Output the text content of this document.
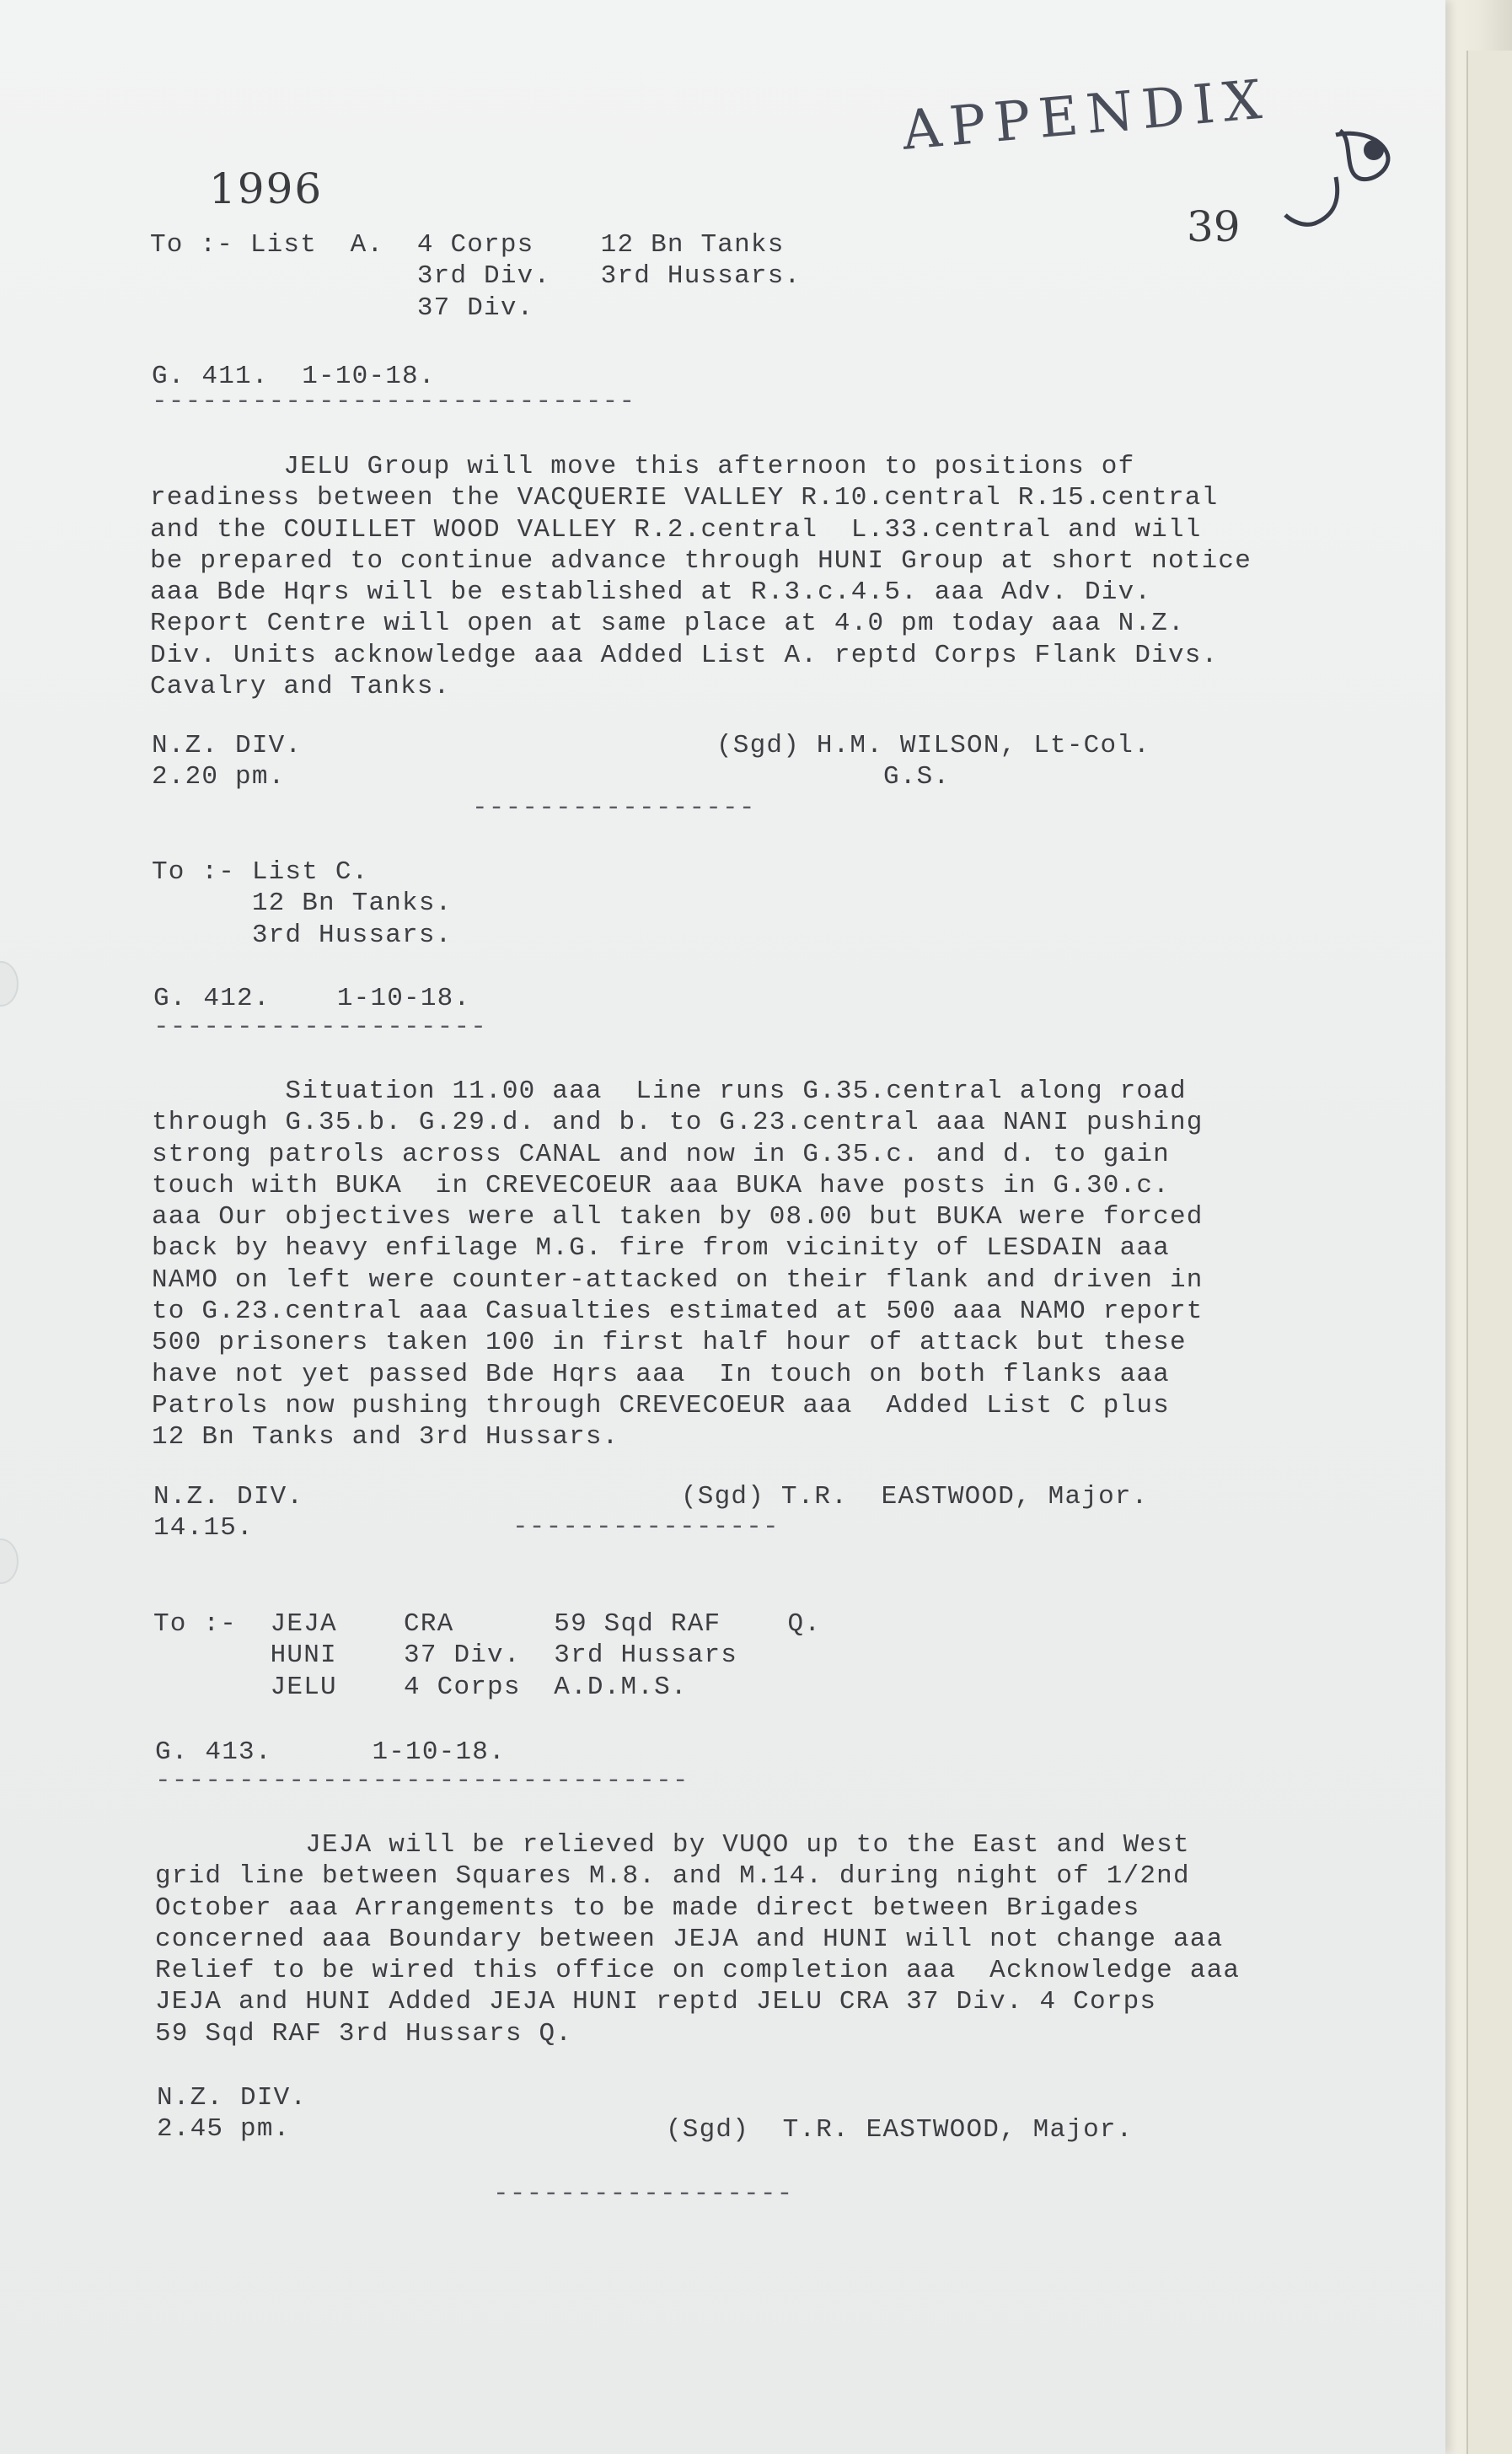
APPENDIX
1996
39
To :- List  A.  4 Corps    12 Bn Tanks
3rd Div.   3rd Hussars.
37 Div.
G. 411.  1-10-18.
-----------------------------
JELU Group will move this afternoon to positions of
readiness between the VACQUERIE VALLEY R.10.central R.15.central
and the COUILLET WOOD VALLEY R.2.central  L.33.central and will
be prepared to continue advance through HUNI Group at short notice
aaa Bde Hqrs will be established at R.3.c.4.5. aaa Adv. Div.
Report Centre will open at same place at 4.0 pm today aaa N.Z.
Div. Units acknowledge aaa Added List A. reptd Corps Flank Divs.
Cavalry and Tanks.
N.Z. DIV.
2.20 pm.
(Sgd) H.M. WILSON, Lt-Col.
G.S.
-----------------
To :- List C.
12 Bn Tanks.
3rd Hussars.
G. 412.    1-10-18.
--------------------
Situation 11.00 aaa  Line runs G.35.central along road
through G.35.b. G.29.d. and b. to G.23.central aaa NANI pushing
strong patrols across CANAL and now in G.35.c. and d. to gain
touch with BUKA  in CREVECOEUR aaa BUKA have posts in G.30.c.
aaa Our objectives were all taken by 08.00 but BUKA were forced
back by heavy enfilage M.G. fire from vicinity of LESDAIN aaa
NAMO on left were counter-attacked on their flank and driven in
to G.23.central aaa Casualties estimated at 500 aaa NAMO report
500 prisoners taken 100 in first half hour of attack but these
have not yet passed Bde Hqrs aaa  In touch on both flanks aaa
Patrols now pushing through CREVECOEUR aaa  Added List C plus
12 Bn Tanks and 3rd Hussars.
N.Z. DIV.
14.15.
(Sgd) T.R.  EASTWOOD, Major.
----------------
To :-  JEJA    CRA      59 Sqd RAF    Q.
HUNI    37 Div.  3rd Hussars
JELU    4 Corps  A.D.M.S.
G. 413.      1-10-18.
--------------------------------
JEJA will be relieved by VUQO up to the East and West
grid line between Squares M.8. and M.14. during night of 1/2nd
October aaa Arrangements to be made direct between Brigades
concerned aaa Boundary between JEJA and HUNI will not change aaa
Relief to be wired this office on completion aaa  Acknowledge aaa
JEJA and HUNI Added JEJA HUNI reptd JELU CRA 37 Div. 4 Corps
59 Sqd RAF 3rd Hussars Q.
N.Z. DIV.
2.45 pm.	(Sgd)  T.R. EASTWOOD, Major.
------------------
